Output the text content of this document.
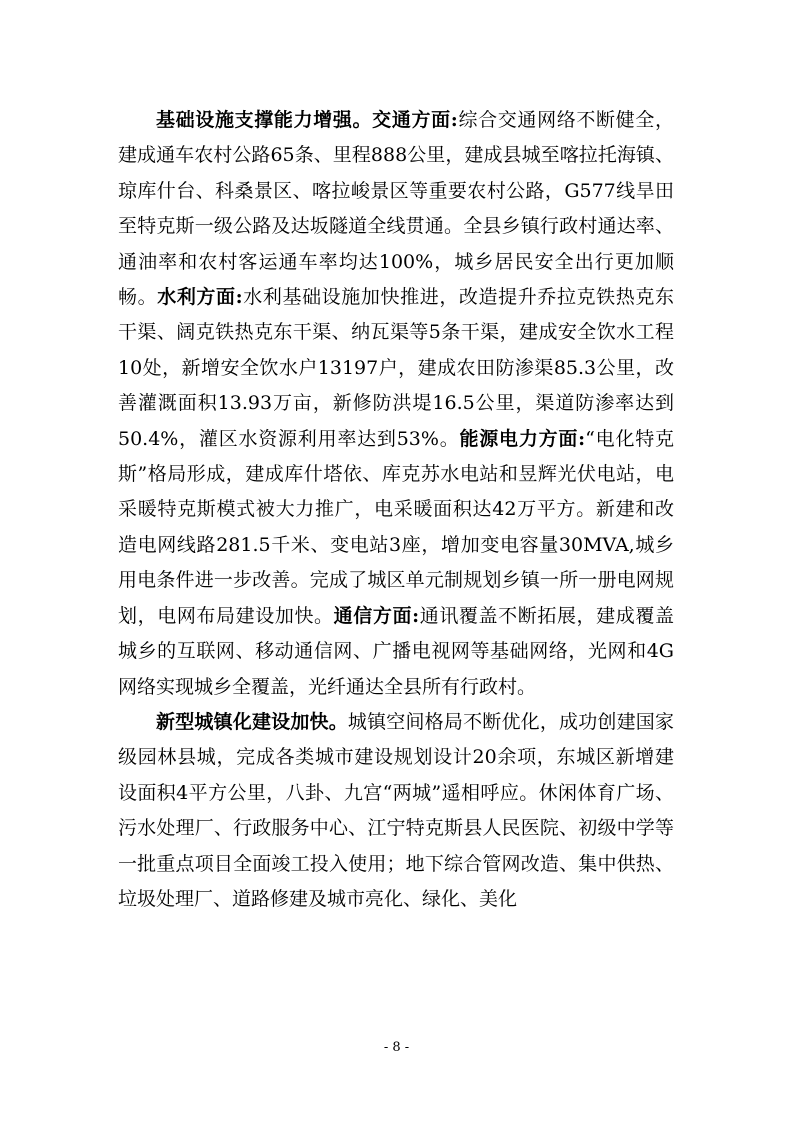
基础设施支撑能力增强。交通方面:综合交通网络不断健全，建成通车农村公路65条、里程888公里，建成县城至喀拉托海镇、琼库什台、科桑景区、喀拉峻景区等重要农村公路，G577线旱田至特克斯一级公路及达坂隧道全线贯通。全县乡镇行政村通达率、通油率和农村客运通车率均达100%，城乡居民安全出行更加顺畅。水利方面:水利基础设施加快推进，改造提升乔拉克铁热克东干渠、阔克铁热克东干渠、纳瓦渠等5条干渠，建成安全饮水工程10处，新增安全饮水户13197户，建成农田防渗渠85.3公里，改善灌溉面积13.93万亩，新修防洪堤16.5公里，渠道防渗率达到50.4%，灌区水资源利用率达到53%。能源电力方面:“电化特克斯”格局形成，建成库什塔依、库克苏水电站和昱辉光伏电站，电采暖特克斯模式被大力推广，电采暖面积达42万平方。新建和改造电网线路281.5千米、变电站3座，增加变电容量30MVA,城乡用电条件进一步改善。完成了城区单元制规划乡镇一所一册电网规划，电网布局建设加快。通信方面:通讯覆盖不断拓展，建成覆盖城乡的互联网、移动通信网、广播电视网等基础网络，光网和4G网络实现城乡全覆盖，光纤通达全县所有行政村。

新型城镇化建设加快。城镇空间格局不断优化，成功创建国家级园林县城，完成各类城市建设规划设计20余项，东城区新增建设面积4平方公里，八卦、九宫“两城”遥相呼应。休闲体育广场、污水处理厂、行政服务中心、江宁特克斯县人民医院、初级中学等一批重点项目全面竣工投入使用；地下综合管网改造、集中供热、垃圾处理厂、道路修建及城市亮化、绿化、美化

- 8 -
